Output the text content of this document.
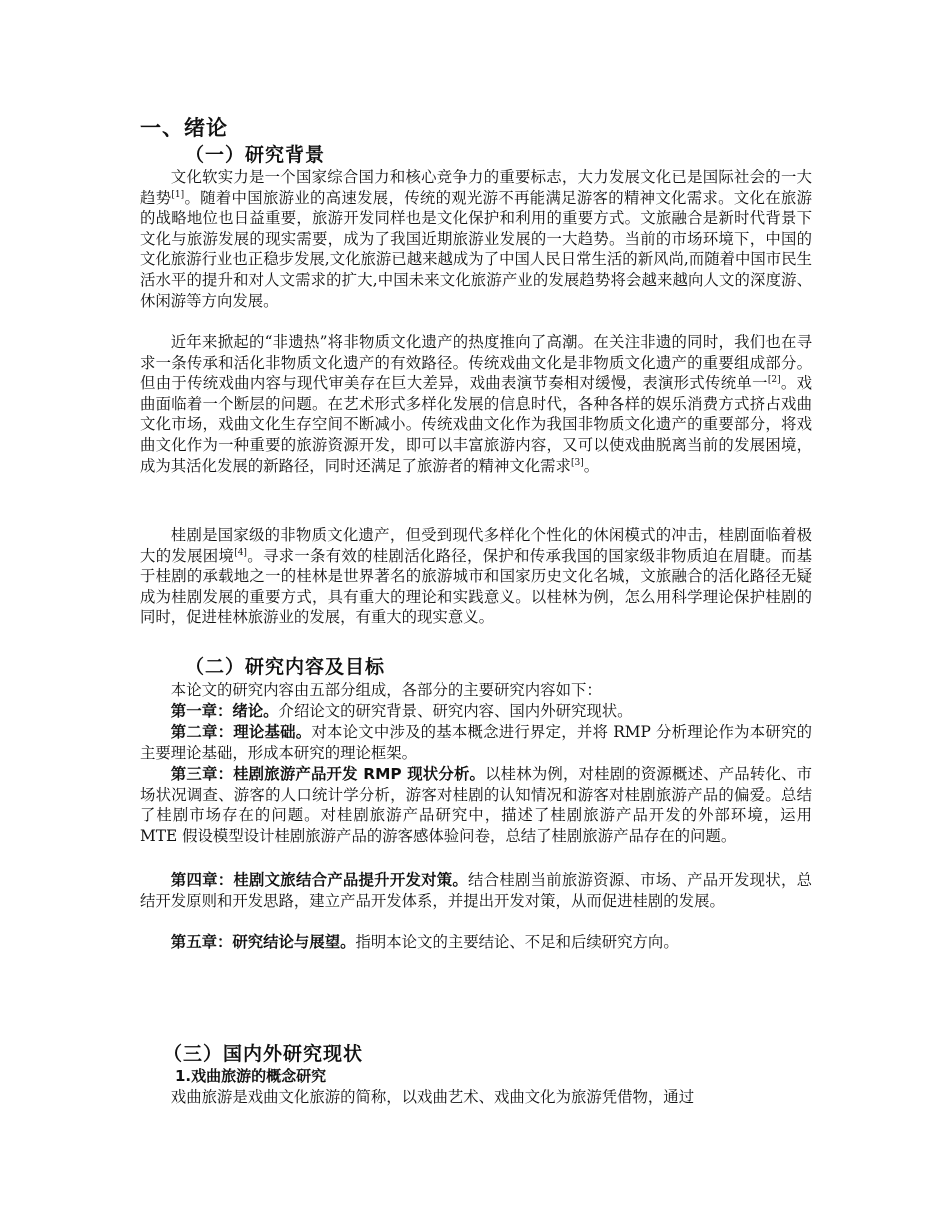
一、绪论
（一）研究背景

文化软实力是一个国家综合国力和核心竞争力的重要标志，大力发展文化已是国际社会的一大趋势[1]。随着中国旅游业的高速发展，传统的观光游不再能满足游客的精神文化需求。文化在旅游的战略地位也日益重要，旅游开发同样也是文化保护和利用的重要方式。文旅融合是新时代背景下文化与旅游发展的现实需要，成为了我国近期旅游业发展的一大趋势。当前的市场环境下，中国的文化旅游行业也正稳步发展,文化旅游已越来越成为了中国人民日常生活的新风尚,而随着中国市民生活水平的提升和对人文需求的扩大,中国未来文化旅游产业的发展趋势将会越来越向人文的深度游、休闲游等方向发展。

近年来掀起的“非遗热”将非物质文化遗产的热度推向了高潮。在关注非遗的同时，我们也在寻求一条传承和活化非物质文化遗产的有效路径。传统戏曲文化是非物质文化遗产的重要组成部分。但由于传统戏曲内容与现代审美存在巨大差异，戏曲表演节奏相对缓慢，表演形式传统单一[2]。戏曲面临着一个断层的问题。在艺术形式多样化发展的信息时代，各种各样的娱乐消费方式挤占戏曲文化市场，戏曲文化生存空间不断减小。传统戏曲文化作为我国非物质文化遗产的重要部分，将戏曲文化作为一种重要的旅游资源开发，即可以丰富旅游内容，又可以使戏曲脱离当前的发展困境，成为其活化发展的新路径，同时还满足了旅游者的精神文化需求[3]。

桂剧是国家级的非物质文化遗产，但受到现代多样化个性化的休闲模式的冲击，桂剧面临着极大的发展困境[4]。寻求一条有效的桂剧活化路径，保护和传承我国的国家级非物质迫在眉睫。而基于桂剧的承载地之一的桂林是世界著名的旅游城市和国家历史文化名城，文旅融合的活化路径无疑成为桂剧发展的重要方式，具有重大的理论和实践意义。以桂林为例，怎么用科学理论保护桂剧的同时，促进桂林旅游业的发展，有重大的现实意义。

（二）研究内容及目标

本论文的研究内容由五部分组成，各部分的主要研究内容如下：

第一章：绪论。介绍论文的研究背景、研究内容、国内外研究现状。

第二章：理论基础。对本论文中涉及的基本概念进行界定，并将 RMP 分析理论作为本研究的主要理论基础，形成本研究的理论框架。

第三章：桂剧旅游产品开发 RMP 现状分析。以桂林为例，对桂剧的资源概述、产品转化、市场状况调查、游客的人口统计学分析，游客对桂剧的认知情况和游客对桂剧旅游产品的偏爱。总结了桂剧市场存在的问题。对桂剧旅游产品研究中，描述了桂剧旅游产品开发的外部环境，运用 MTE 假设模型设计桂剧旅游产品的游客感体验问卷，总结了桂剧旅游产品存在的问题。

第四章：桂剧文旅结合产品提升开发对策。结合桂剧当前旅游资源、市场、产品开发现状，总结开发原则和开发思路，建立产品开发体系，并提出开发对策，从而促进桂剧的发展。

第五章：研究结论与展望。指明本论文的主要结论、不足和后续研究方向。

（三）国内外研究现状
1.戏曲旅游的概念研究

戏曲旅游是戏曲文化旅游的简称，以戏曲艺术、戏曲文化为旅游凭借物，通过
